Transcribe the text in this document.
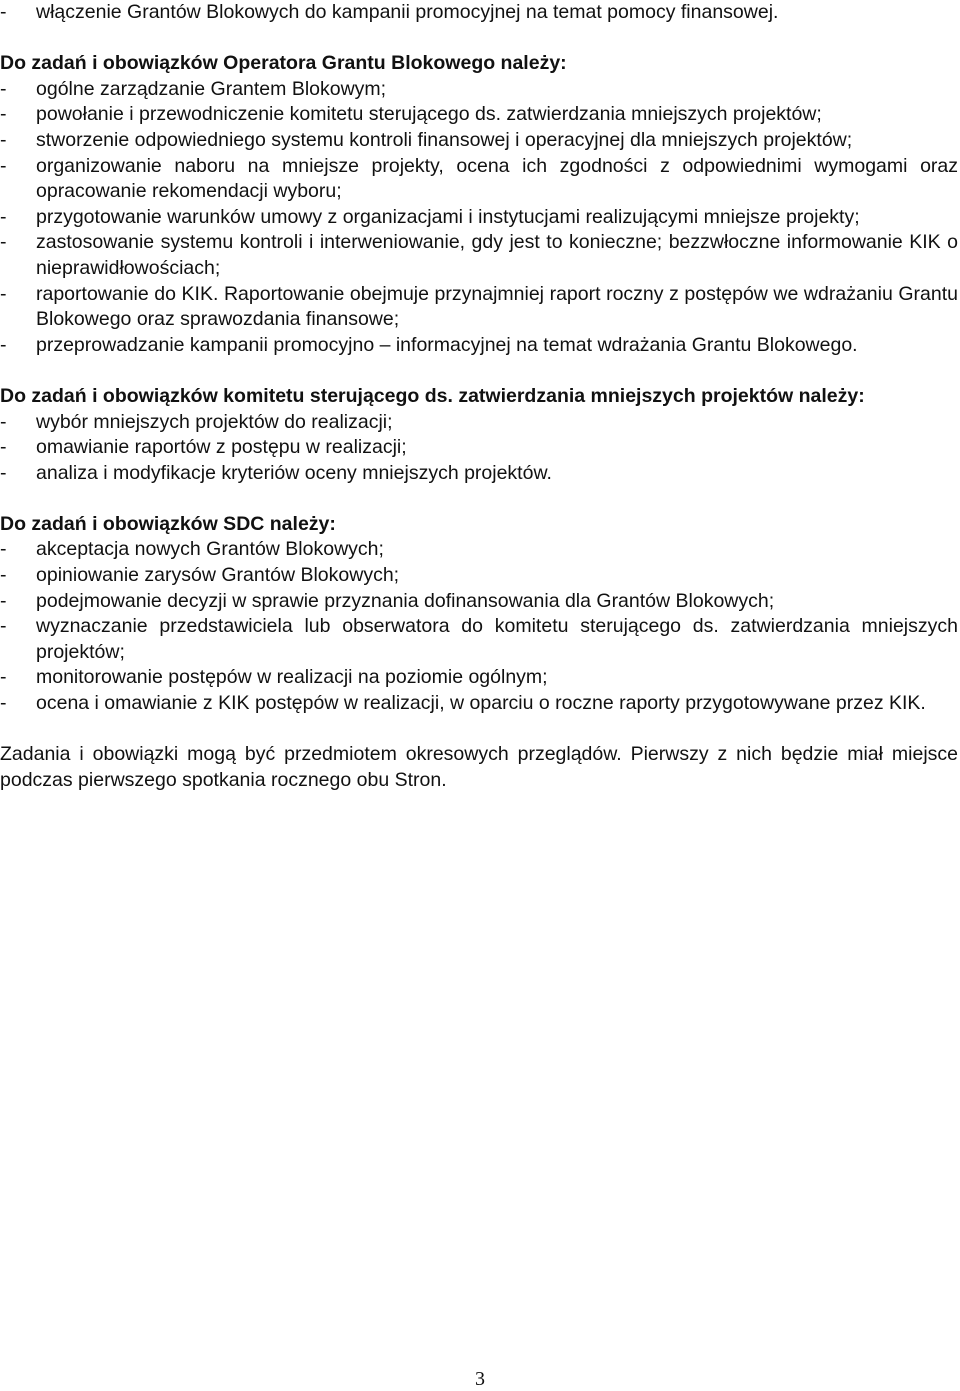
- włączenie Grantów Blokowych do kampanii promocyjnej na temat pomocy finansowej.

Do zadań i obowiązków Operatora Grantu Blokowego należy:

- ogólne zarządzanie Grantem Blokowym;
- powołanie i przewodniczenie komitetu sterującego ds. zatwierdzania mniejszych projektów;
- stworzenie odpowiedniego systemu kontroli finansowej i operacyjnej dla mniejszych projektów;
- organizowanie naboru na mniejsze projekty, ocena ich zgodności z odpowiednimi wymogami oraz opracowanie rekomendacji wyboru;
- przygotowanie warunków umowy z organizacjami i instytucjami realizującymi mniejsze projekty;
- zastosowanie systemu kontroli i interweniowanie, gdy jest to konieczne; bezzwłoczne informowanie KIK o nieprawidłowościach;
- raportowanie do KIK. Raportowanie obejmuje przynajmniej raport roczny z postępów we wdrażaniu Grantu Blokowego oraz sprawozdania finansowe;
- przeprowadzanie kampanii promocyjno – informacyjnej na temat wdrażania Grantu Blokowego.

Do zadań i obowiązków komitetu sterującego ds. zatwierdzania mniejszych projektów należy:

- wybór mniejszych projektów do realizacji;
- omawianie raportów z postępu w realizacji;
- analiza i modyfikacje kryteriów oceny mniejszych projektów.

Do zadań i obowiązków SDC należy:

- akceptacja nowych Grantów Blokowych;
- opiniowanie zarysów Grantów Blokowych;
- podejmowanie decyzji w sprawie przyznania dofinansowania dla Grantów Blokowych;
- wyznaczanie przedstawiciela lub obserwatora do komitetu sterującego ds. zatwierdzania mniejszych projektów;
- monitorowanie postępów w realizacji na poziomie ogólnym;
- ocena i omawianie z KIK postępów w realizacji, w oparciu o roczne raporty przygotowywane przez KIK.

Zadania i obowiązki mogą być przedmiotem okresowych przeglądów. Pierwszy z nich będzie miał miejsce podczas pierwszego spotkania rocznego obu Stron.

3
